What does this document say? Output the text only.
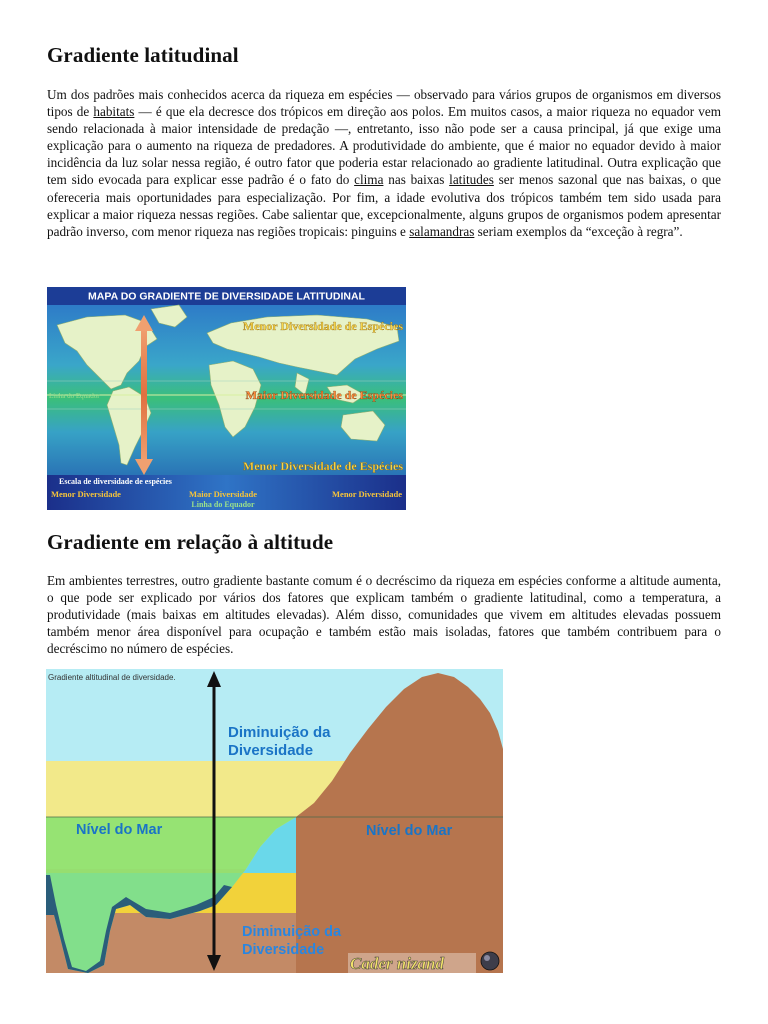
Gradiente latitudinal

Um dos padrões mais conhecidos acerca da riqueza em espécies — observado para vários grupos de organismos em diversos tipos de habitats — é que ela decresce dos trópicos em direção aos polos. Em muitos casos, a maior riqueza no equador vem sendo relacionada à maior intensidade de predação —, entretanto, isso não pode ser a causa principal, já que exige uma explicação para o aumento na riqueza de predadores. A produtividade do ambiente, que é maior no equador devido à maior incidência da luz solar nessa região, é outro fator que poderia estar relacionado ao gradiente latitudinal. Outra explicação que tem sido evocada para explicar esse padrão é o fato do clima nas baixas latitudes ser menos sazonal que nas baixas, o que ofereceria mais oportunidades para especialização. Por fim, a idade evolutiva dos trópicos também tem sido usada para explicar a maior riqueza nessas regiões. Cabe salientar que, excepcionalmente, alguns grupos de organismos podem apresentar padrão inverso, com menor riqueza nas regiões tropicais: pinguins e salamandras seriam exemplos da “exceção à regra”.

MAPA DO GRADIENTE DE DIVERSIDADE LATITUDINAL
Menor Diversidade de Espécies
Maior Diversidade de Espécies
Menor Diversidade de Espécies
Linha do Equador
Escala de diversidade de espécies
Menor Diversidade	Maior Diversidade
Linha do Equador
Menor Diversidade
Gradiente em relação à altitude

Em ambientes terrestres, outro gradiente bastante comum é o decréscimo da riqueza em espécies conforme a altitude aumenta, o que pode ser explicado por vários dos fatores que explicam também o gradiente latitudinal, como a temperatura, a produtividade (mais baixas em altitudes elevadas). Além disso, comunidades que vivem em altitudes elevadas possuem também menor área disponível para ocupação e também estão mais isoladas, fatores que também contribuem para o decréscimo no número de espécies.

Gradiente altitudinal de diversidade.
Diminuição da
Diversidade
Nível do Mar	Nível do Mar
Diminuição da
Diversidade
Cader nizand
